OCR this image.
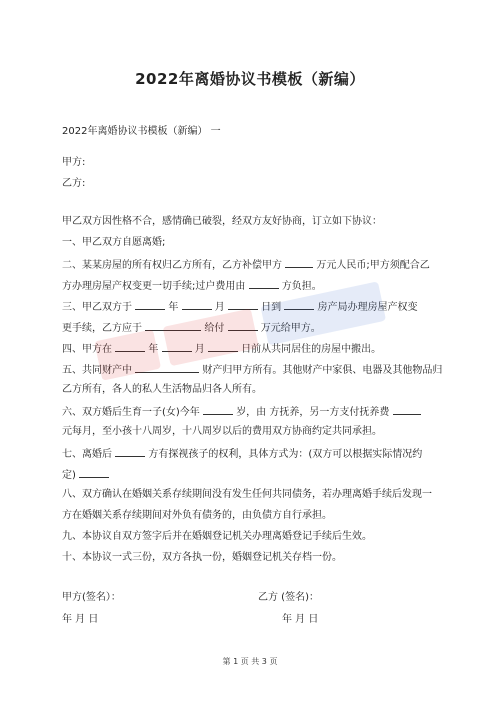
2022年离婚协议书模板（新编）
2022年离婚协议书模板（新编） 一
甲方:
乙方:
甲乙双方因性格不合，感情确已破裂，经双方友好协商，订立如下协议：
一、甲乙双方自愿离婚;
二、某某房屋的所有权归乙方所有，乙方补偿甲方	万元人民币;甲方须配合乙
方办理房屋产权变更一切手续;过户费用由	方负担。
三、甲乙双方于	年	月	日到	房产局办理房屋产权变
更手续，乙方应于	给付	万元给甲方。
四、甲方在	年	月	日前从共同居住的房屋中搬出。
五、共同财产中	财产归甲方所有。其他财产中家俱、电器及其他物品归
乙方所有，各人的私人生活物品归各人所有。
六、双方婚后生育一子(女)今年	岁，由 方抚养，另一方支付抚养费
元每月，至小孩十八周岁，十八周岁以后的费用双方协商约定共同承担。
七、离婚后	方有探视孩子的权利，具体方式为：(双方可以根据实际情况约
定)
八、双方确认在婚姻关系存续期间没有发生任何共同债务，若办理离婚手续后发现一
方在婚姻关系存续期间对外负有债务的，由负债方自行承担。
九、本协议自双方签字后并在婚姻登记机关办理离婚登记手续后生效。
十、本协议一式三份，双方各执一份，婚姻登记机关存档一份。
甲方(签名）：	乙方 (签名)：
年 月 日	年 月 日
第 1 页 共 3 页
